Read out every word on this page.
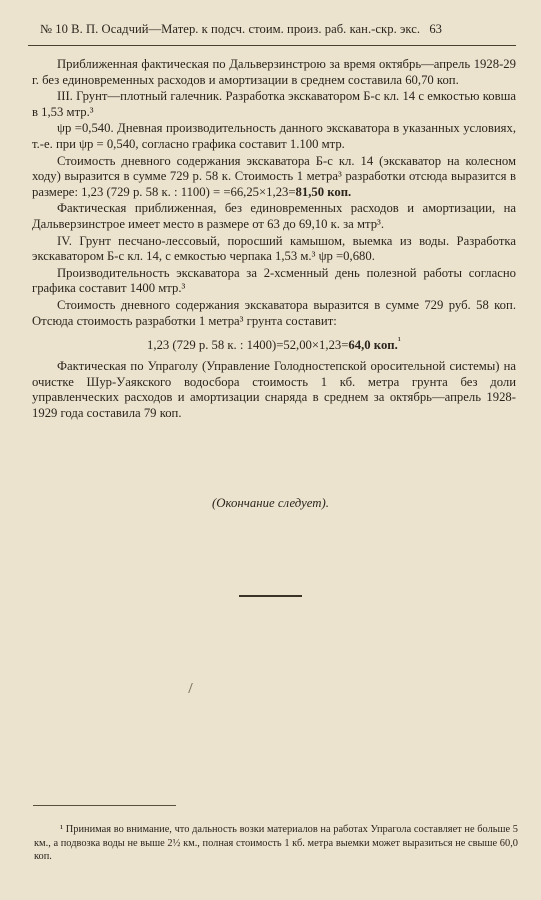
№ 10 В. П. Осадчий—Матер. к подсч. стоим. произ. раб. кан.-скр. экс. 63

Приближенная фактическая по Дальверзинстрою за время октябрь—апрель 1928-29 г. без единовременных расходов и амортизации в среднем составила 60,70 коп.

III. Грунт—плотный галечник. Разработка экскаватором Б-с кл. 14 с емкостью ковша в 1,53 мтр.³

ψр =0,540. Дневная производительность данного экскаватора в указанных условиях, т.-е. при ψр = 0,540, согласно графика составит 1.100 мтр.

Стоимость дневного содержания экскаватора Б-с кл. 14 (экскаватор на колесном ходу) выразится в сумме 729 р. 58 к. Стоимость 1 метра³ разработки отсюда выразится в размере: 1,23 (729 р. 58 к. : 1100) = =66,25×1,23=81,50 коп.

Фактическая приближенная, без единовременных расходов и амортизации, на Дальверзинстрое имеет место в размере от 63 до 69,10 к. за мтр³.

IV. Грунт песчано-лессовый, поросший камышом, выемка из воды. Разработка экскаватором Б-с кл. 14, с емкостью черпака 1,53 м.³ ψр =0,680.

Производительность экскаватора за 2-хсменный день полезной работы согласно графика составит 1400 мтр.³

Стоимость дневного содержания экскаватора выразится в сумме 729 руб. 58 коп. Отсюда стоимость разработки 1 метра³ грунта составит:

1,23 (729 р. 58 к. : 1400)=52,00×1,23=64,0 коп.$^{^1}$

Фактическая по Упраголу (Управление Голодностепской оросительной системы) на очистке Шур-Уаякского водосбора стоимость 1 кб. метра грунта без доли управленческих расходов и амортизации снаряда в среднем за октябрь—апрель 1928-1929 года составила 79 коп.

(Окончание следует).

¹ Принимая во внимание, что дальность возки материалов на работах Упрагола составляет не больше 5 км., а подвозка воды не выше 2½ км., полная стоимость 1 кб. метра выемки может выразиться не свыше 60,0 коп.
